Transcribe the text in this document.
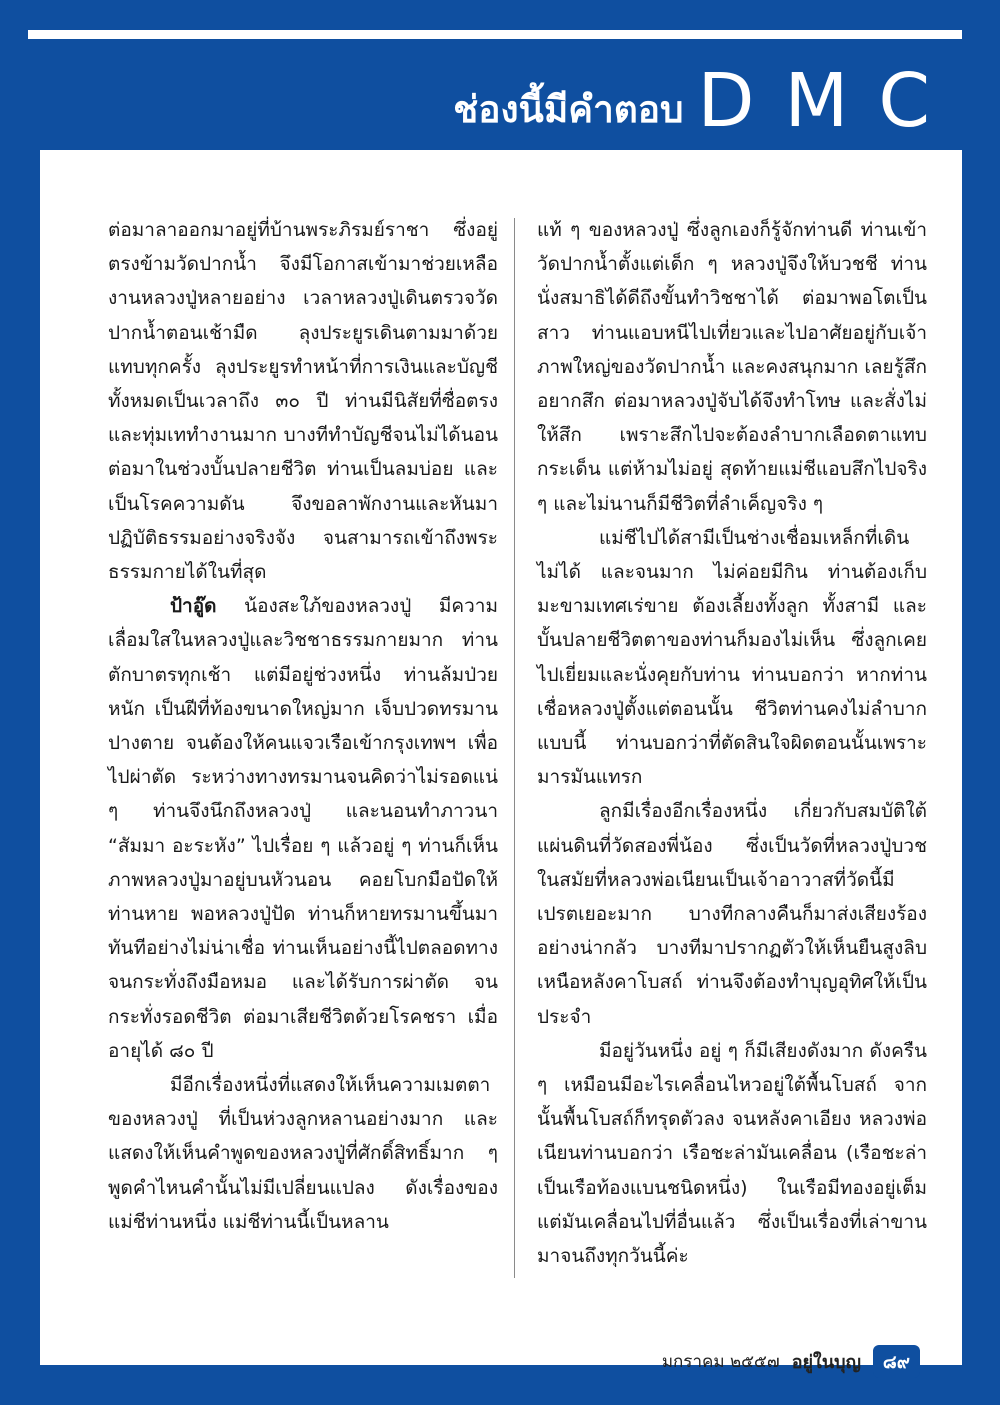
ช่องนี้มีคำตอบ DMC

ต่อมาลาออกมาอยู่ที่บ้านพระภิรมย์ราชา ซึ่งอยู่ตรงข้ามวัดปากน้ำ จึงมีโอกาสเข้ามาช่วยเหลืองานหลวงปู่หลายอย่าง เวลาหลวงปู่เดินตรวจวัดปากน้ำตอนเช้ามืด ลุงประยูรเดินตามมาด้วยแทบทุกครั้ง ลุงประยูรทำหน้าที่การเงินและบัญชีทั้งหมดเป็นเวลาถึง ๓๐ ปี ท่านมีนิสัยที่ซื่อตรงและทุ่มเททำงานมาก บางทีทำบัญชีจนไม่ได้นอน ต่อมาในช่วงบั้นปลายชีวิต ท่านเป็นลมบ่อย และเป็นโรคความดัน จึงขอลาพักงานและหันมาปฏิบัติธรรมอย่างจริงจัง จนสามารถเข้าถึงพระธรรมกายได้ในที่สุด

ป้าอู๊ด น้องสะใภ้ของหลวงปู่ มีความเลื่อมใสในหลวงปู่และวิชชาธรรมกายมาก ท่านตักบาตรทุกเช้า แต่มีอยู่ช่วงหนึ่ง ท่านล้มป่วยหนัก เป็นฝีที่ท้องขนาดใหญ่มาก เจ็บปวดทรมานปางตาย จนต้องให้คนแจวเรือเข้ากรุงเทพฯ เพื่อไปผ่าตัด ระหว่างทางทรมานจนคิดว่าไม่รอดแน่ ๆ ท่านจึงนึกถึงหลวงปู่ และนอนทำภาวนา “สัมมา อะระหัง” ไปเรื่อย ๆ แล้วอยู่ ๆ ท่านก็เห็นภาพหลวงปู่มาอยู่บนหัวนอน คอยโบกมือปัดให้ท่านหาย พอหลวงปู่ปัด ท่านก็หายทรมานขึ้นมาทันทีอย่างไม่น่าเชื่อ ท่านเห็นอย่างนี้ไปตลอดทาง จนกระทั่งถึงมือหมอ และได้รับการผ่าตัด จนกระทั่งรอดชีวิต ต่อมาเสียชีวิตด้วยโรคชรา เมื่ออายุได้ ๘๐ ปี

มีอีกเรื่องหนึ่งที่แสดงให้เห็นความเมตตาของหลวงปู่ ที่เป็นห่วงลูกหลานอย่างมาก และแสดงให้เห็นคำพูดของหลวงปู่ที่ศักดิ์สิทธิ์มาก ๆ พูดคำไหนคำนั้นไม่มีเปลี่ยนแปลง ดังเรื่องของแม่ชีท่านหนึ่ง แม่ชีท่านนี้เป็นหลาน

แท้ ๆ ของหลวงปู่ ซึ่งลูกเองก็รู้จักท่านดี ท่านเข้าวัดปากน้ำตั้งแต่เด็ก ๆ หลวงปู่จึงให้บวชชี ท่านนั่งสมาธิได้ดีถึงขั้นทำวิชชาได้ ต่อมาพอโตเป็นสาว ท่านแอบหนีไปเที่ยวและไปอาศัยอยู่กับเจ้าภาพใหญ่ของวัดปากน้ำ และคงสนุกมาก เลยรู้สึกอยากสึก ต่อมาหลวงปู่จับได้จึงทำโทษ และสั่งไม่ให้สึก เพราะสึกไปจะต้องลำบากเลือดตาแทบกระเด็น แต่ห้ามไม่อยู่ สุดท้ายแม่ชีแอบสึกไปจริง ๆ และไม่นานก็มีชีวิตที่ลำเค็ญจริง ๆ

แม่ชีไปได้สามีเป็นช่างเชื่อมเหล็กที่เดินไม่ได้ และจนมาก ไม่ค่อยมีกิน ท่านต้องเก็บมะขามเทศเร่ขาย ต้องเลี้ยงทั้งลูก ทั้งสามี และบั้นปลายชีวิตตาของท่านก็มองไม่เห็น ซึ่งลูกเคยไปเยี่ยมและนั่งคุยกับท่าน ท่านบอกว่า หากท่านเชื่อหลวงปู่ตั้งแต่ตอนนั้น ชีวิตท่านคงไม่ลำบากแบบนี้ ท่านบอกว่าที่ตัดสินใจผิดตอนนั้นเพราะมารมันแทรก

ลูกมีเรื่องอีกเรื่องหนึ่ง เกี่ยวกับสมบัติใต้แผ่นดินที่วัดสองพี่น้อง ซึ่งเป็นวัดที่หลวงปู่บวช ในสมัยที่หลวงพ่อเนียนเป็นเจ้าอาวาสที่วัดนี้มีเปรตเยอะมาก บางทีกลางคืนก็มาส่งเสียงร้องอย่างน่ากลัว บางทีมาปรากฏตัวให้เห็นยืนสูงลิบเหนือหลังคาโบสถ์ ท่านจึงต้องทำบุญอุทิศให้เป็นประจำ

มีอยู่วันหนึ่ง อยู่ ๆ ก็มีเสียงดังมาก ดังครืน ๆ เหมือนมีอะไรเคลื่อนไหวอยู่ใต้พื้นโบสถ์ จากนั้นพื้นโบสถ์ก็ทรุดตัวลง จนหลังคาเอียง หลวงพ่อเนียนท่านบอกว่า เรือชะล่ามันเคลื่อน (เรือชะล่าเป็นเรือท้องแบนชนิดหนึ่ง) ในเรือมีทองอยู่เต็ม แต่มันเคลื่อนไปที่อื่นแล้ว ซึ่งเป็นเรื่องที่เล่าขานมาจนถึงทุกวันนี้ค่ะ

มกราคม ๒๕๕๗ อยู่ในบุญ	๘๙
